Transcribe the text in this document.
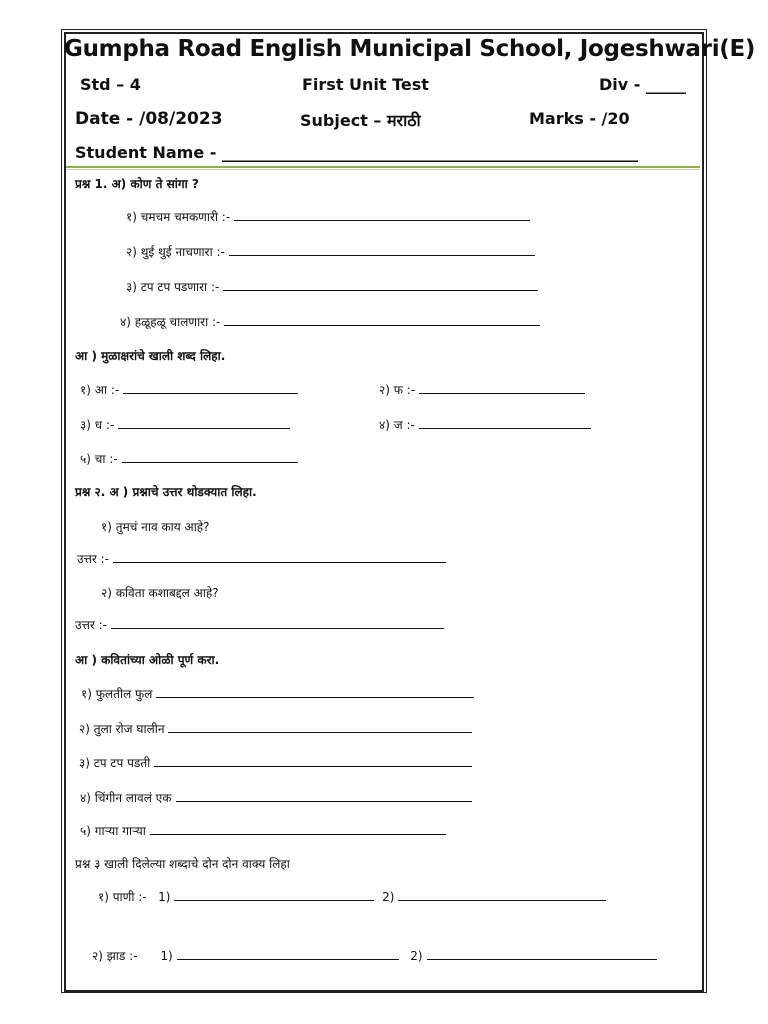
Gumpha Road English Municipal School, Jogeshwari(E)
Std – 4	First Unit Test	Div - _____
Date - /08/2023	Subject – मराठी	Marks - /20
Student Name - ____________________________________________________
प्रश्न 1. अ) कोण ते सांगा ?
१) चमचम चमकणारी :-
२) थुई थुई नाचणारा :-
३) टप टप पडणारा :-
४) हळूहळू चालणारा :-
आ ) मुळाक्षरांचे खाली शब्द लिहा.
१) आ :-	२) फ :-
३) ध :-	४) ज :-
५) चा :-
प्रश्न २. अ ) प्रश्नाचे उत्तर थोडक्यात लिहा.
१) तुमचं नाव काय आहे?
उत्तर :-
२) कविता कशाबद्दल आहे?
उत्तर :-
आ ) कवितांच्या ओळी पूर्ण करा.
१) फुलतील फुल
२) तुला रोज घालीन
३) टप टप पडती
४) चिंगीन लावलं एक
५) गाऱ्या गाऱ्या
प्रश्न ३ खाली दिलेल्या शब्दाचे दोन दोन वाक्य लिहा
१) पाणी :- 1)	2)
२) झाड :- 1)	2)
